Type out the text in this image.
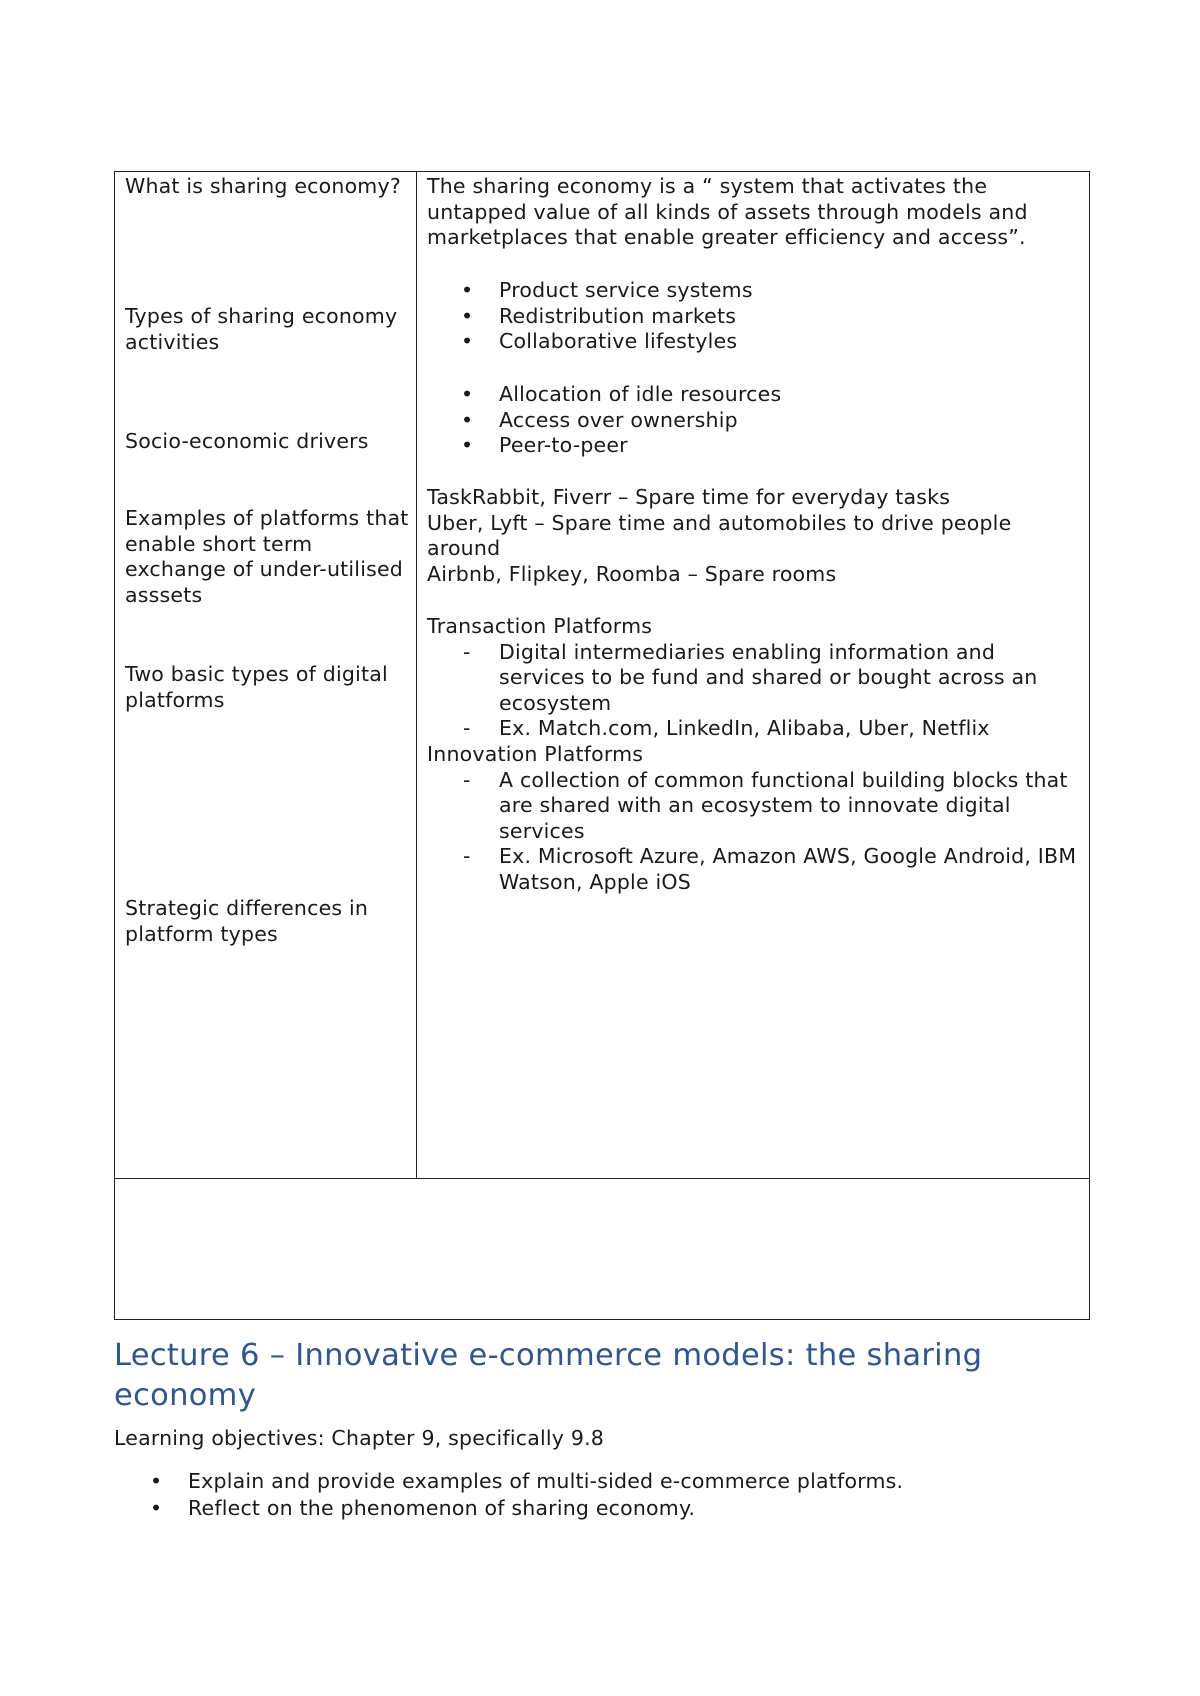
What is sharing economy?
Types of sharing economy activities
Socio-economic drivers
Examples of platforms that enable short term exchange of under-utilised asssets
Two basic types of digital platforms
Strategic differences in platform types
The sharing economy is a “ system that activates the untapped value of all kinds of assets through models and marketplaces that enable greater efficiency and access”.
• Product service systems
• Redistribution markets
• Collaborative lifestyles
• Allocation of idle resources
• Access over ownership
• Peer-to-peer
TaskRabbit, Fiverr – Spare time for everyday tasks
Uber, Lyft – Spare time and automobiles to drive people around
Airbnb, Flipkey, Roomba – Spare rooms
Transaction Platforms
- Digital intermediaries enabling information and services to be fund and shared or bought across an ecosystem
- Ex. Match.com, LinkedIn, Alibaba, Uber, Netflix
Innovation Platforms
- A collection of common functional building blocks that are shared with an ecosystem to innovate digital services
- Ex. Microsoft Azure, Amazon AWS, Google Android, IBM Watson, Apple iOS
Lecture 6 – Innovative e-commerce models: the sharing economy
Learning objectives: Chapter 9, specifically 9.8
• Explain and provide examples of multi-sided e-commerce platforms.
• Reflect on the phenomenon of sharing economy.
